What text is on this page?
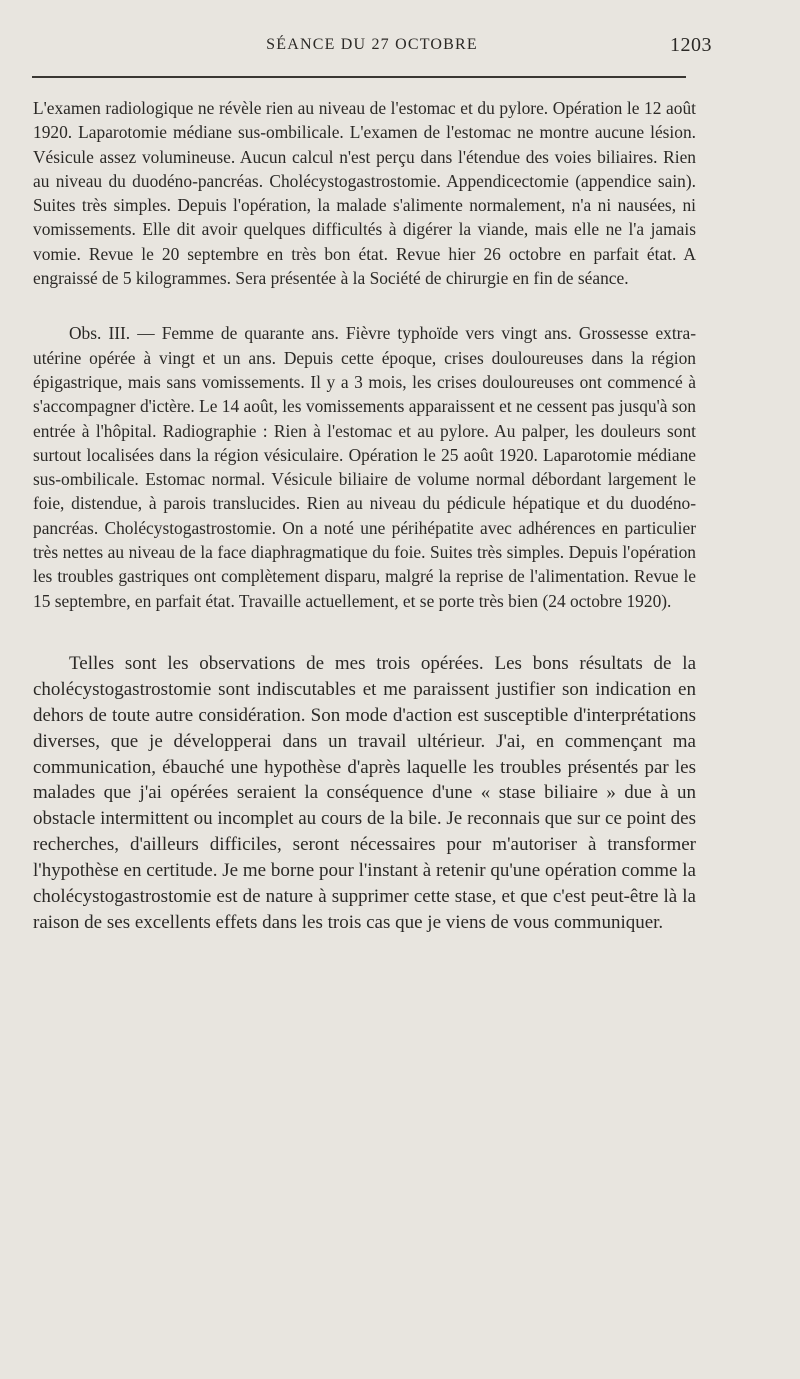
SÉANCE DU 27 OCTOBRE	1203

L'examen radiologique ne révèle rien au niveau de l'estomac et du pylore. Opération le 12 août 1920. Laparotomie médiane sus-ombilicale. L'examen de l'estomac ne montre aucune lésion. Vésicule assez volumineuse. Aucun calcul n'est perçu dans l'étendue des voies biliaires. Rien au niveau du duodéno-pancréas. Cholécystogastrostomie. Appendicectomie (appendice sain). Suites très simples. Depuis l'opération, la malade s'alimente normalement, n'a ni nausées, ni vomissements. Elle dit avoir quelques difficultés à digérer la viande, mais elle ne l'a jamais vomie. Revue le 20 septembre en très bon état. Revue hier 26 octobre en parfait état. A engraissé de 5 kilogrammes. Sera présentée à la Société de chirurgie en fin de séance.

Obs. III. — Femme de quarante ans. Fièvre typhoïde vers vingt ans. Grossesse extra-utérine opérée à vingt et un ans. Depuis cette époque, crises douloureuses dans la région épigastrique, mais sans vomissements. Il y a 3 mois, les crises douloureuses ont commencé à s'accompagner d'ictère. Le 14 août, les vomissements apparaissent et ne cessent pas jusqu'à son entrée à l'hôpital. Radiographie : Rien à l'estomac et au pylore. Au palper, les douleurs sont surtout localisées dans la région vésiculaire. Opération le 25 août 1920. Laparotomie médiane sus-ombilicale. Estomac normal. Vésicule biliaire de volume normal débordant largement le foie, distendue, à parois translucides. Rien au niveau du pédicule hépatique et du duodéno-pancréas. Cholécystogastrostomie. On a noté une périhépatite avec adhérences en particulier très nettes au niveau de la face diaphragmatique du foie. Suites très simples. Depuis l'opération les troubles gastriques ont complètement disparu, malgré la reprise de l'alimentation. Revue le 15 septembre, en parfait état. Travaille actuellement, et se porte très bien (24 octobre 1920).

Telles sont les observations de mes trois opérées. Les bons résultats de la cholécystogastrostomie sont indiscutables et me paraissent justifier son indication en dehors de toute autre considération. Son mode d'action est susceptible d'interprétations diverses, que je développerai dans un travail ultérieur. J'ai, en commençant ma communication, ébauché une hypothèse d'après laquelle les troubles présentés par les malades que j'ai opérées seraient la conséquence d'une « stase biliaire » due à un obstacle intermittent ou incomplet au cours de la bile. Je reconnais que sur ce point des recherches, d'ailleurs difficiles, seront nécessaires pour m'autoriser à transformer l'hypothèse en certitude. Je me borne pour l'instant à retenir qu'une opération comme la cholécystogastrostomie est de nature à supprimer cette stase, et que c'est peut-être là la raison de ses excellents effets dans les trois cas que je viens de vous communiquer.
